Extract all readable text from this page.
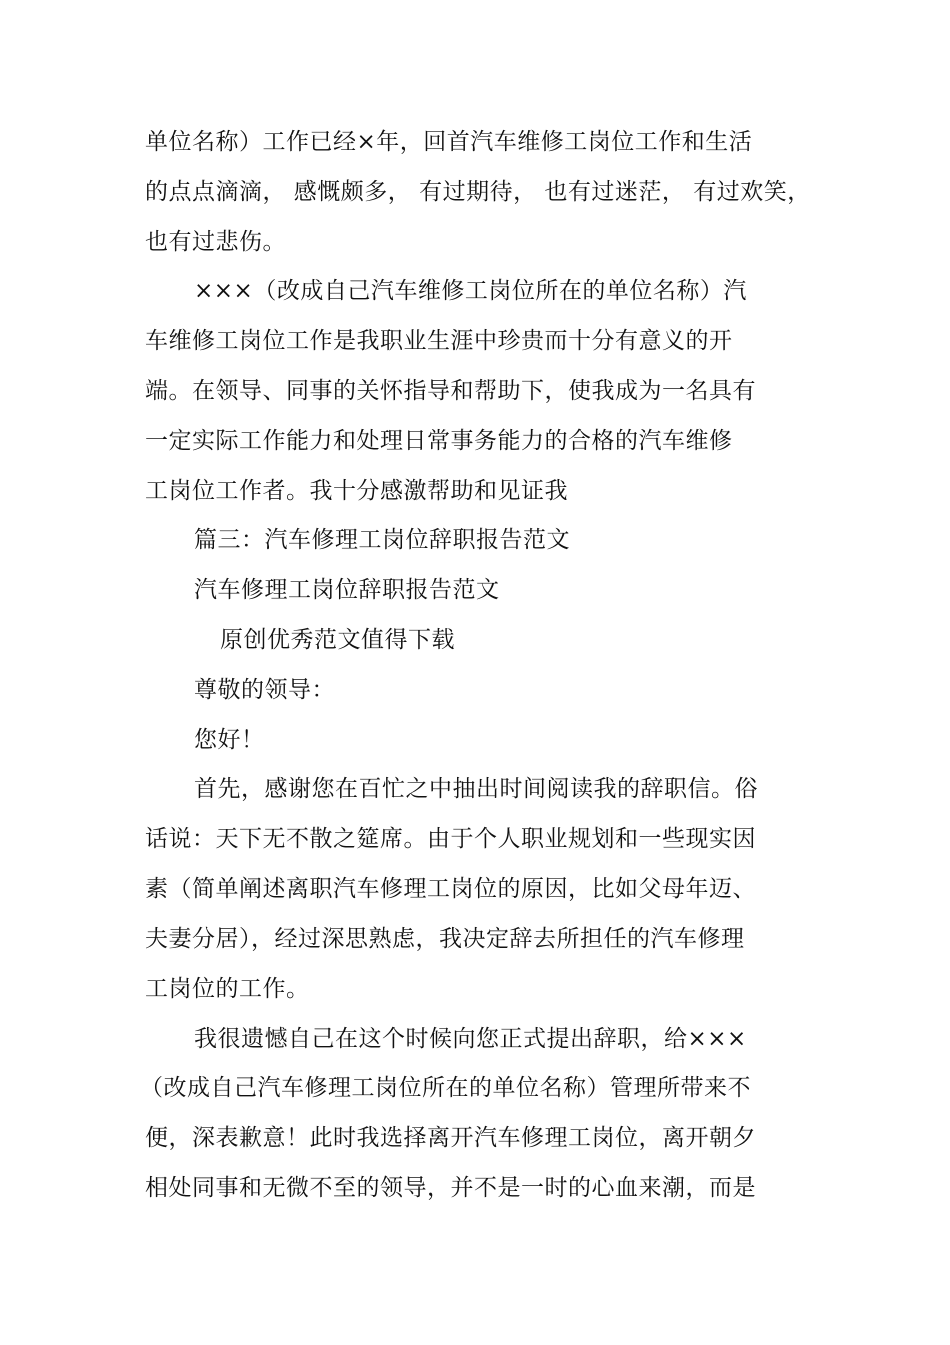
单位名称）工作已经×年，回首汽车维修工岗位工作和生活
的点点滴滴， 感慨颇多， 有过期待， 也有过迷茫， 有过欢笑，
也有过悲伤。
×××（改成自己汽车维修工岗位所在的单位名称）汽
车维修工岗位工作是我职业生涯中珍贵而十分有意义的开
端。在领导、同事的关怀指导和帮助下，使我成为一名具有
一定实际工作能力和处理日常事务能力的合格的汽车维修
工岗位工作者。我十分感激帮助和见证我
篇三：汽车修理工岗位辞职报告范文
汽车修理工岗位辞职报告范文
原创优秀范文值得下载
尊敬的领导：
您好！
首先，感谢您在百忙之中抽出时间阅读我的辞职信。俗
话说：天下无不散之筵席。由于个人职业规划和一些现实因
素（简单阐述离职汽车修理工岗位的原因，比如父母年迈、
夫妻分居），经过深思熟虑，我决定辞去所担任的汽车修理
工岗位的工作。
我很遗憾自己在这个时候向您正式提出辞职，给×××
（改成自己汽车修理工岗位所在的单位名称）管理所带来不
便，深表歉意！此时我选择离开汽车修理工岗位，离开朝夕
相处同事和无微不至的领导，并不是一时的心血来潮，而是
